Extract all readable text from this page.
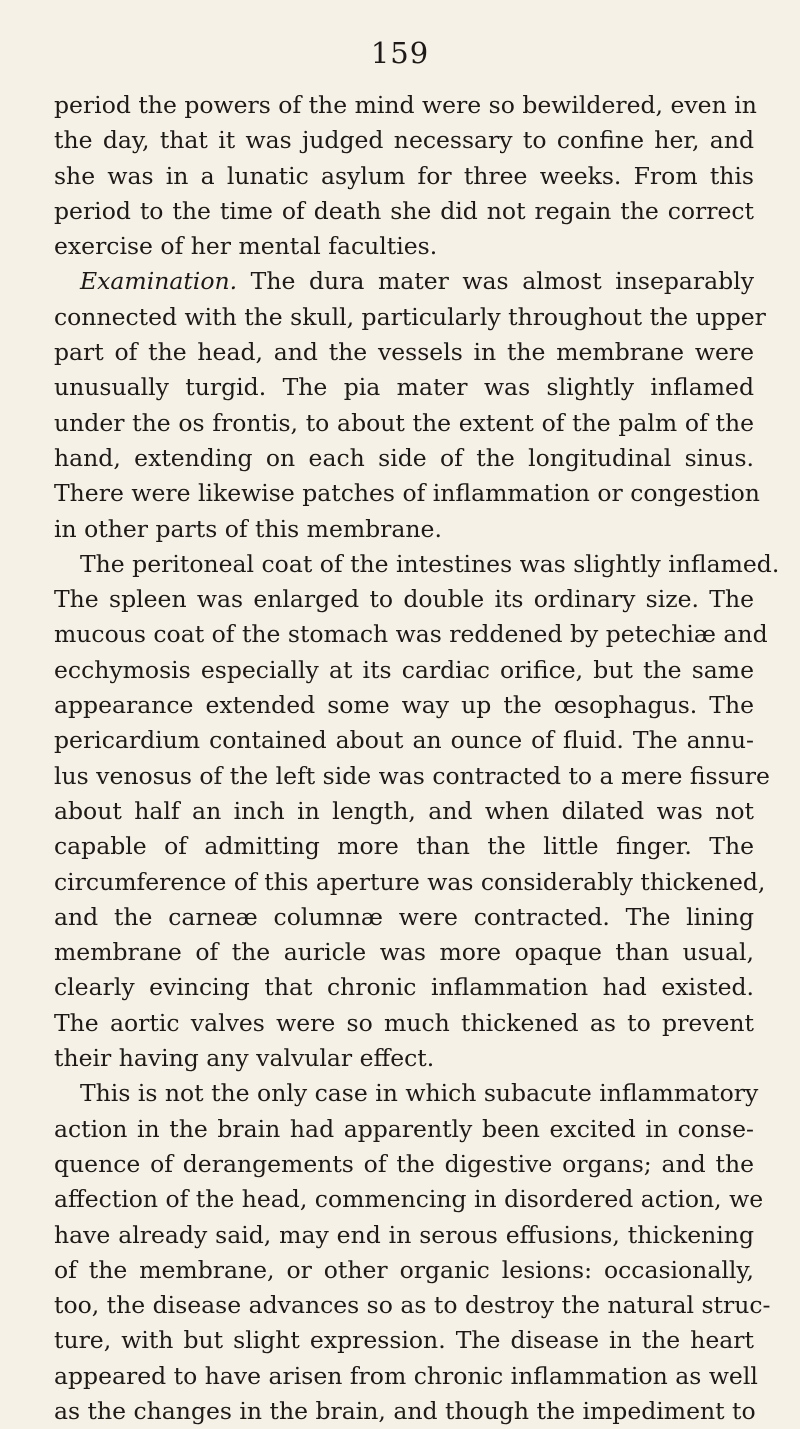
159
period the powers of the mind were so bewildered, even in
the day, that it was judged necessary to confine her, and
she was in a lunatic asylum for three weeks. From this
period to the time of death she did not regain the correct
exercise of her mental faculties.
Examination. The dura mater was almost inseparably
connected with the skull, particularly throughout the upper
part of the head, and the vessels in the membrane were
unusually turgid. The pia mater was slightly inflamed
under the os frontis, to about the extent of the palm of the
hand, extending on each side of the longitudinal sinus.
There were likewise patches of inflammation or congestion
in other parts of this membrane.
The peritoneal coat of the intestines was slightly inflamed.
The spleen was enlarged to double its ordinary size. The
mucous coat of the stomach was reddened by petechiæ and
ecchymosis especially at its cardiac orifice, but the same
appearance extended some way up the œsophagus. The
pericardium contained about an ounce of fluid. The annu-
lus venosus of the left side was contracted to a mere fissure
about half an inch in length, and when dilated was not
capable of admitting more than the little finger. The
circumference of this aperture was considerably thickened,
and the carneæ columnæ were contracted. The lining
membrane of the auricle was more opaque than usual,
clearly evincing that chronic inflammation had existed.
The aortic valves were so much thickened as to prevent
their having any valvular effect.
This is not the only case in which subacute inflammatory
action in the brain had apparently been excited in conse-
quence of derangements of the digestive organs; and the
affection of the head, commencing in disordered action, we
have already said, may end in serous effusions, thickening
of the membrane, or other organic lesions: occasionally,
too, the disease advances so as to destroy the natural struc-
ture, with but slight expression. The disease in the heart
appeared to have arisen from chronic inflammation as well
as the changes in the brain, and though the impediment to
